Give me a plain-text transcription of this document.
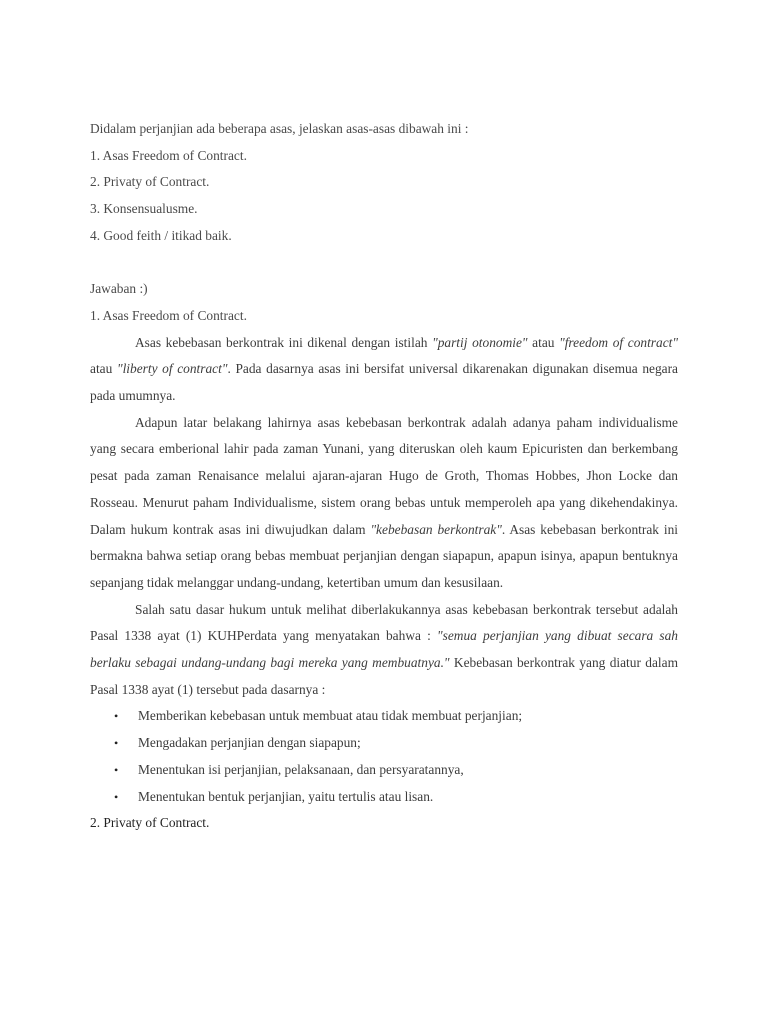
Didalam perjanjian ada beberapa asas, jelaskan asas-asas dibawah ini :

1. Asas Freedom of Contract.

2. Privaty of Contract.

3. Konsensualusme.

4. Good feith / itikad baik.

Jawaban :)

1. Asas Freedom of Contract.

Asas kebebasan berkontrak ini dikenal dengan istilah "partij otonomie" atau "freedom of contract" atau "liberty of contract". Pada dasarnya asas ini bersifat universal dikarenakan digunakan disemua negara pada umumnya.

Adapun latar belakang lahirnya asas kebebasan berkontrak adalah adanya paham individualisme yang secara emberional lahir pada zaman Yunani, yang diteruskan oleh kaum Epicuristen dan berkembang pesat pada zaman Renaisance melalui ajaran-ajaran Hugo de Groth, Thomas Hobbes, Jhon Locke dan Rosseau. Menurut paham Individualisme, sistem orang bebas untuk memperoleh apa yang dikehendakinya. Dalam hukum kontrak asas ini diwujudkan dalam "kebebasan berkontrak". Asas kebebasan berkontrak ini bermakna bahwa setiap orang bebas membuat perjanjian dengan siapapun, apapun isinya, apapun bentuknya sepanjang tidak melanggar undang-undang, ketertiban umum dan kesusilaan.

Salah satu dasar hukum untuk melihat diberlakukannya asas kebebasan berkontrak tersebut adalah Pasal 1338 ayat (1) KUHPerdata yang menyatakan bahwa : "semua perjanjian yang dibuat secara sah berlaku sebagai undang-undang bagi mereka yang membuatnya." Kebebasan berkontrak yang diatur dalam Pasal 1338 ayat (1) tersebut pada dasarnya :

• Memberikan kebebasan untuk membuat atau tidak membuat perjanjian;
• Mengadakan perjanjian dengan siapapun;
• Menentukan isi perjanjian, pelaksanaan, dan persyaratannya,
• Menentukan bentuk perjanjian, yaitu tertulis atau lisan.

2. Privaty of Contract.
